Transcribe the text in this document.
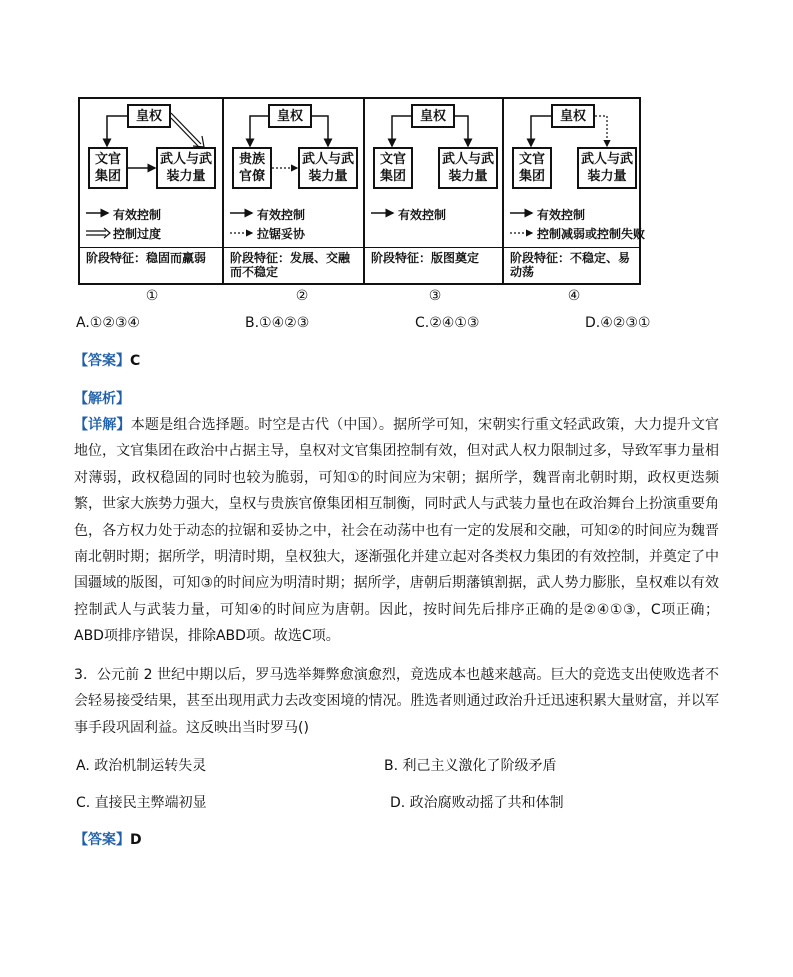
皇权
文官集团
武人与武装力量
有效控制
控制过度
阶段特征：稳固而羸弱
皇权
贵族官僚
武人与武装力量
有效控制
拉锯妥协
阶段特征：发展、交融而不稳定
皇权
文官集团
武人与武装力量
有效控制
阶段特征：版图奠定
皇权
文官集团
武人与武装力量
有效控制
控制减弱或控制失败
阶段特征：不稳定、易动荡
①	②	③	④
A.①②③④	B.①④②③	C.②④①③	D.④②③①
【答案】C
【解析】
【详解】本题是组合选择题。时空是古代（中国）。据所学可知，宋朝实行重文轻武政策，大力提升文官地位，文官集团在政治中占据主导，皇权对文官集团控制有效，但对武人权力限制过多，导致军事力量相对薄弱，政权稳固的同时也较为脆弱，可知①的时间应为宋朝；据所学，魏晋南北朝时期，政权更迭频繁，世家大族势力强大，皇权与贵族官僚集团相互制衡，同时武人与武装力量也在政治舞台上扮演重要角色，各方权力处于动态的拉锯和妥协之中，社会在动荡中也有一定的发展和交融，可知②的时间应为魏晋南北朝时期；据所学，明清时期，皇权独大，逐渐强化并建立起对各类权力集团的有效控制，并奠定了中国疆域的版图，可知③的时间应为明清时期；据所学，唐朝后期藩镇割据，武人势力膨胀，皇权难以有效控制武人与武装力量，可知④的时间应为唐朝。因此，按时间先后排序正确的是②④①③，C项正确；ABD项排序错误，排除ABD项。故选C项。
3．公元前 2 世纪中期以后，罗马选举舞弊愈演愈烈，竟选成本也越来越高。巨大的竞选支出使败选者不会轻易接受结果，甚至出现用武力去改变困境的情况。胜选者则通过政治升迁迅速积累大量财富，并以军事手段巩固利益。这反映出当时罗马()
A. 政治机制运转失灵	B. 利己主义激化了阶级矛盾
C. 直接民主弊端初显	D. 政治腐败动摇了共和体制
【答案】D
